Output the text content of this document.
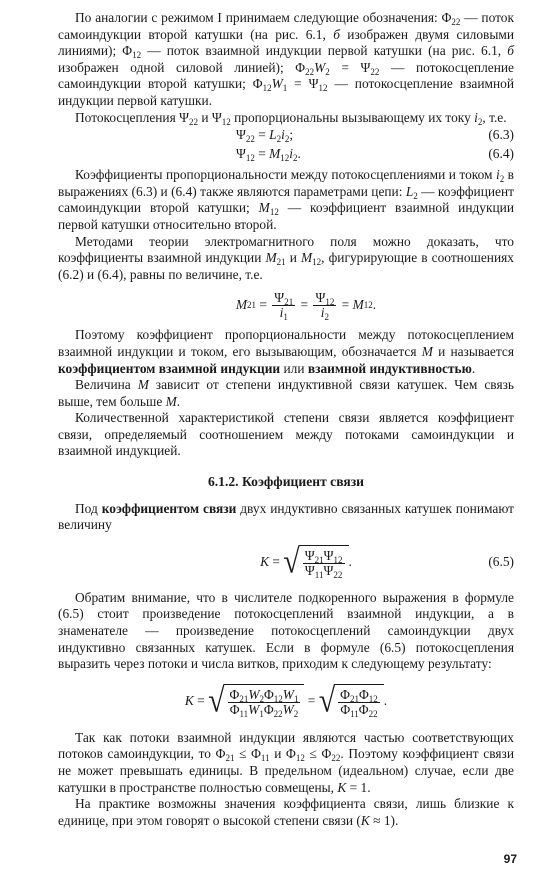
По аналогии с режимом I принимаем следующие обозначения: $\Phi_{22}$ — поток самоиндукции второй катушки (на рис. 6.1, б изображен двумя силовыми линиями); $\Phi_{12}$ — поток взаимной индукции первой катушки (на рис. 6.1, б изображен одной силовой линией); $\Phi_{22}W_2 = \Psi_{22}$ — потокосцепление самоиндукции второй катушки; $\Phi_{12}W_1 = \Psi_{12}$ — потокосцепление взаимной индукции первой катушки.

Потокосцепления $\Psi_{22}$ и $\Psi_{12}$ пропорциональны вызывающему их току $i_2$, т.е.

$\Psi_{22} = L_2i_2$;	(6.3)
$\Psi_{12} = M_{12}i_2$.	(6.4)

Коэффициенты пропорциональности между потокосцеплениями и током $i_2$ в выражениях (6.3) и (6.4) также являются параметрами цепи: $L_2$ — коэффициент самоиндукции второй катушки; $M_{12}$ — коэффициент взаимной индукции первой катушки относительно второй.

Методами теории электромагнитного поля можно доказать, что коэффициенты взаимной индукции $M_{21}$ и $M_{12}$, фигурирующие в соотношениях (6.2) и (6.4), равны по величине, т.е.

M $21 = \frac{\Psi_{21}}{i_1} = \frac{\Psi_{12}}{i_2} = M$ 12 .

Поэтому коэффициент пропорциональности между потокосцеплением взаимной индукции и током, его вызывающим, обозначается M и называется коэффициентом взаимной индукции или взаимной индуктивностью.

Величина M зависит от степени индуктивной связи катушек. Чем связь выше, тем больше M.

Количественной характеристикой степени связи является коэффициент связи, определяемый соотношением между потоками самоиндукции и взаимной индукцией.

6.1.2. Коэффициент связи

Под коэффициентом связи двух индуктивно связанных катушек понимают величину

K = √ $\frac{\Psi_{21}\Psi_{12}}{\Psi_{11}\Psi_{22}}$ .	(6.5)

Обратим внимание, что в числителе подкоренного выражения в формуле (6.5) стоит произведение потокосцеплений взаимной индукции, а в знаменателе — произведение потокосцеплений самоиндукции двух индуктивно связанных катушек. Если в формуле (6.5) потокосцепления выразить через потоки и числа витков, приходим к следующему результату:

K = √ $\frac{\Phi_{21}W_2\Phi_{12}W_1}{\Phi_{11}W_1\Phi_{22}W_2}$ = √ $\frac{\Phi_{21}\Phi_{12}}{\Phi_{11}\Phi_{22}}$ .

Так как потоки взаимной индукции являются частью соответствующих потоков самоиндукции, то $\Phi_{21} \le \Phi_{11}$ и $\Phi_{12} \le \Phi_{22}$. Поэтому коэффициент связи не может превышать единицы. В предельном (идеальном) случае, если две катушки в пространстве полностью совмещены, K = 1.

На практике возможны значения коэффициента связи, лишь близкие к единице, при этом говорят о высокой степени связи (K ≈ 1).

97
